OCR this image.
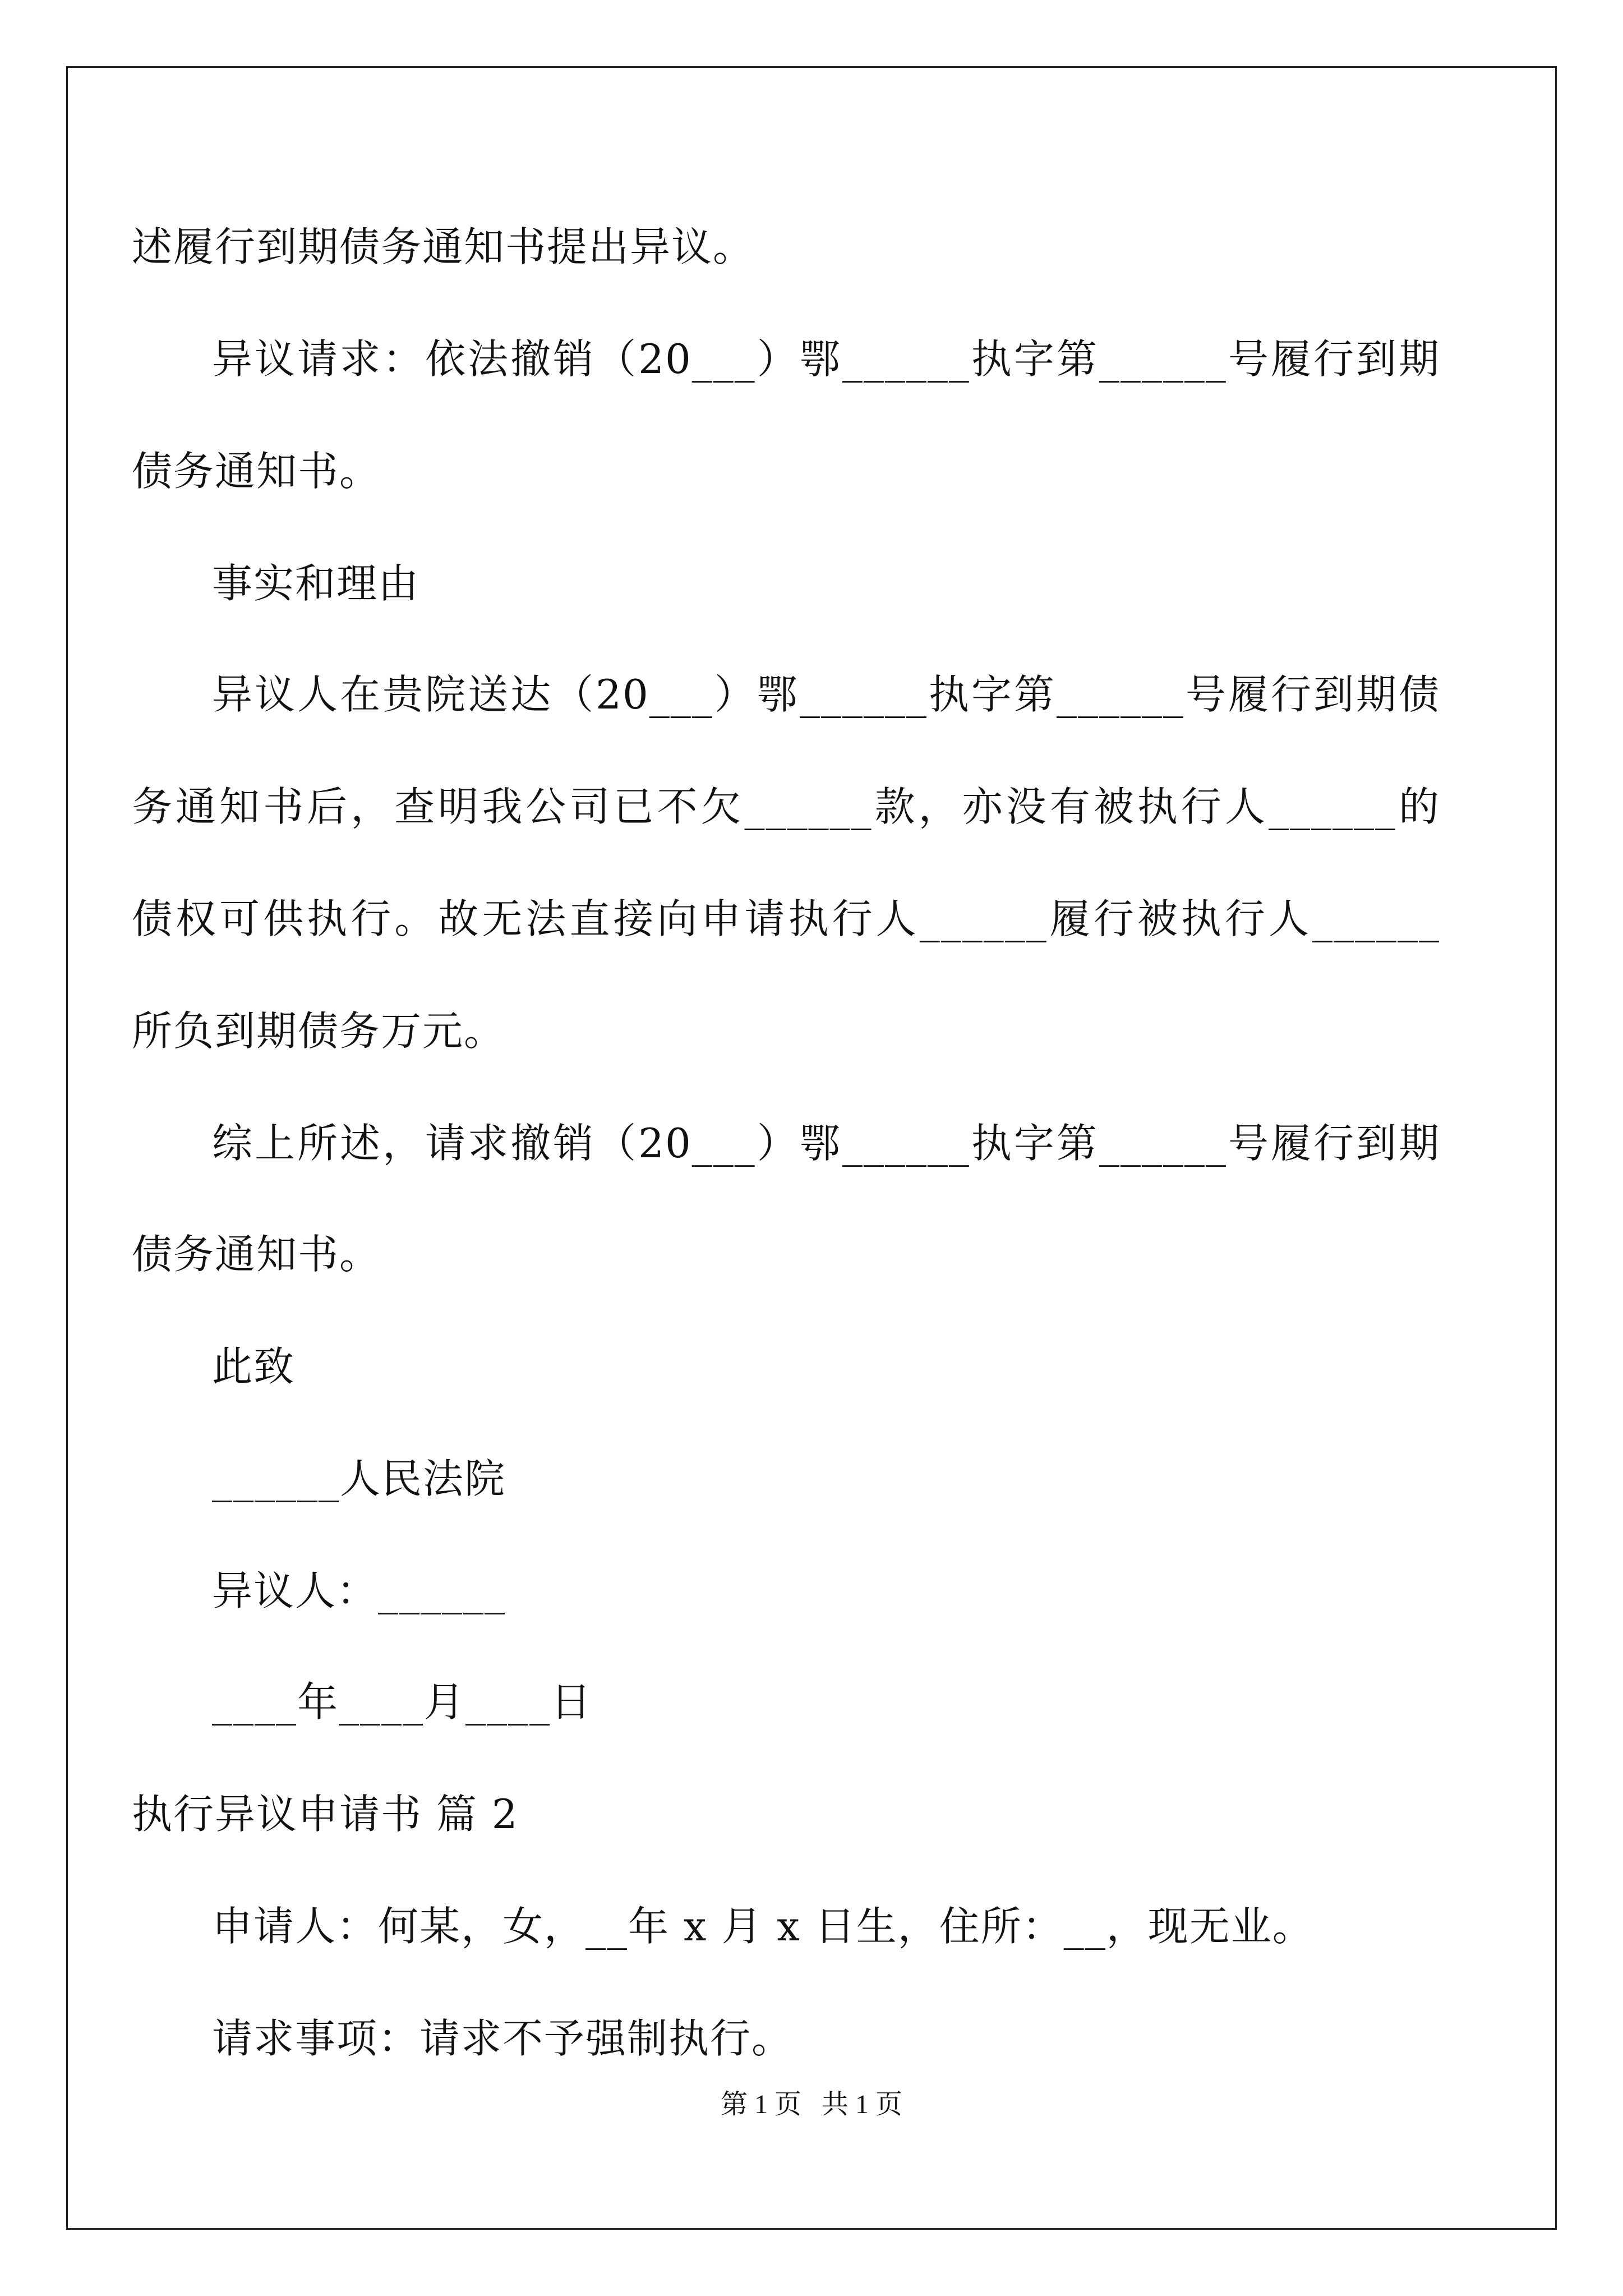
述履行到期债务通知书提出异议。
异议请求：依法撤销（20___）鄂______执字第______号履行到期
债务通知书。
事实和理由
异议人在贵院送达（20___）鄂______执字第______号履行到期债
务通知书后，查明我公司已不欠______款，亦没有被执行人______的
债权可供执行。故无法直接向申请执行人______履行被执行人______
所负到期债务万元。
综上所述，请求撤销（20___）鄂______执字第______号履行到期
债务通知书。
此致
______人民法院
异议人：______
____年____月____日
执行异议申请书 篇 2
申请人：何某，女，__年 x 月 x 日生，住所：__，现无业。
请求事项：请求不予强制执行。
第 1 页   共 1 页
